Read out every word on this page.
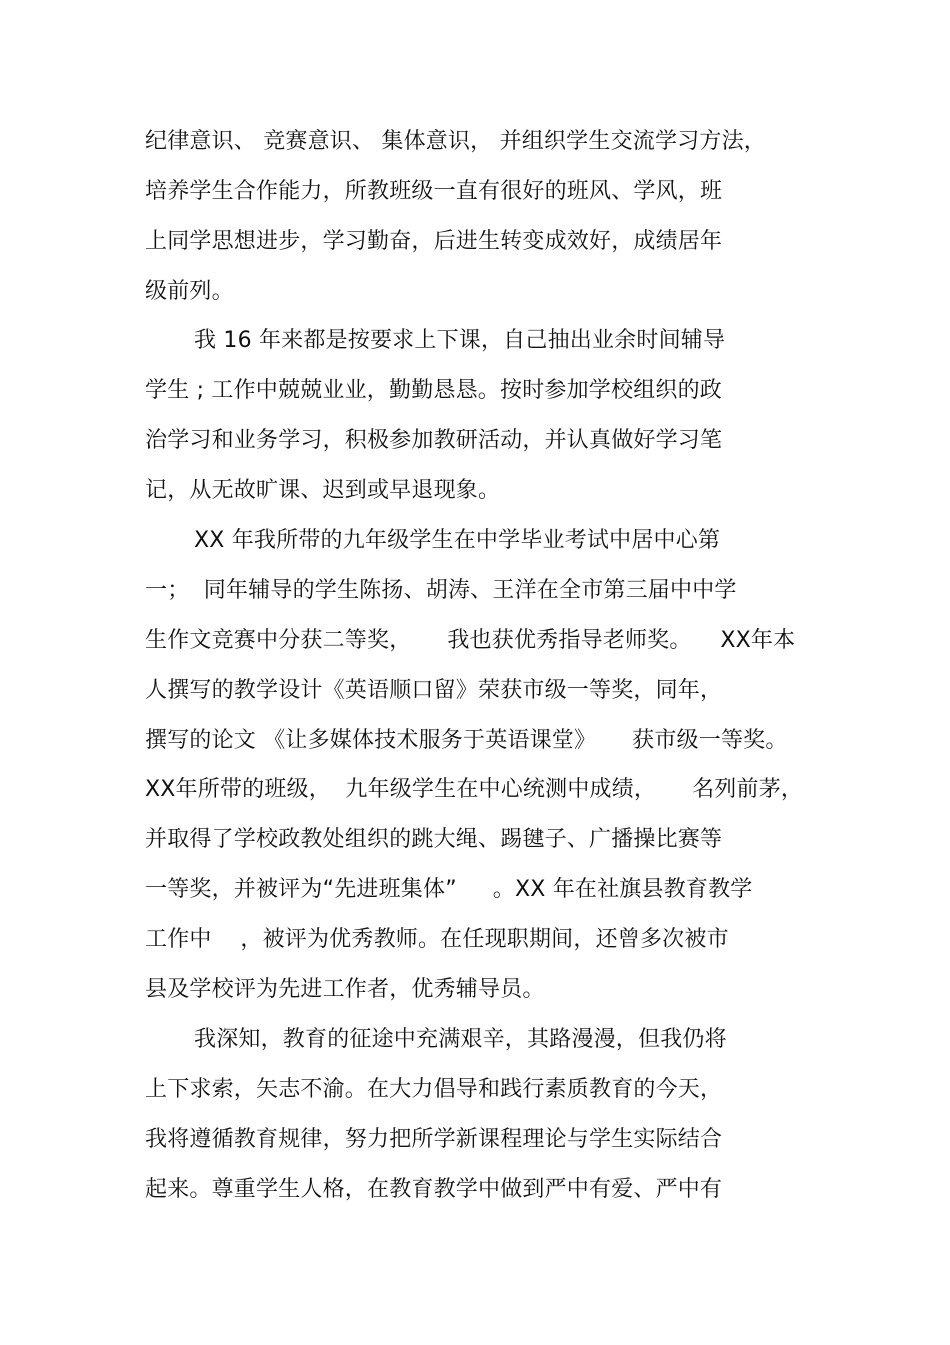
纪律意识、 竞赛意识、 集体意识， 并组织学生交流学习方法，
培养学生合作能力，所教班级一直有很好的班风、学风，班
上同学思想进步，学习勤奋，后进生转变成效好，成绩居年
级前列。
我 16 年来都是按要求上下课，自己抽出业余时间辅导
学生 ; 工作中兢兢业业，勤勤恳恳。按时参加学校组织的政
治学习和业务学习，积极参加教研活动，并认真做好学习笔
记，从无故旷课、迟到或早退现象。
XX 年我所带的九年级学生在中学毕业考试中居中心第
一；  同年辅导的学生陈扬、胡涛、王洋在全市第三届中中学
生作文竞赛中分获二等奖，     我也获优秀指导老师奖。    XX年本
人撰写的教学设计《英语顺口留》荣获市级一等奖，同年，
撰写的论文 《让多媒体技术服务于英语课堂》     获市级一等奖。
XX年所带的班级，  九年级学生在中心统测中成绩，     名列前茅，
并取得了学校政教处组织的跳大绳、踢毽子、广播操比赛等
一等奖，并被评为“先进班集体”     。XX 年在社旗县教育教学
工作中    ，被评为优秀教师。在任现职期间，还曾多次被市
县及学校评为先进工作者，优秀辅导员。
我深知，教育的征途中充满艰辛，其路漫漫，但我仍将
上下求索，矢志不渝。在大力倡导和践行素质教育的今天，
我将遵循教育规律，努力把所学新课程理论与学生实际结合
起来。尊重学生人格，在教育教学中做到严中有爱、严中有
